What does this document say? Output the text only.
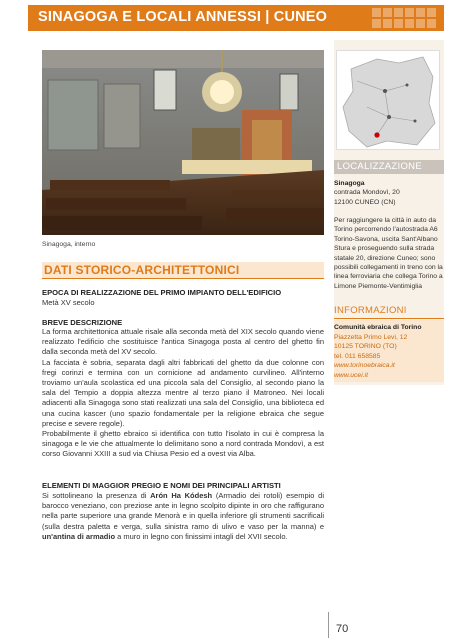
SINAGOGA E LOCALI ANNESSI | CUNEO
Sinagoga, interno
DATI STORICO-ARCHITETTONICI
EPOCA DI REALIZZAZIONE DEL PRIMO IMPIANTO DELL'EDIFICIO
Metà XV secolo
BREVE DESCRIZIONE

La forma architettonica attuale risale alla seconda metà del XIX secolo quando viene realizzato l'edificio che sostituisce l'antica Sinagoga posta al centro del ghetto fin dalla seconda metà del XV secolo.

La facciata è sobria, separata dagli altri fabbricati del ghetto da due colonne con fregi corinzi e termina con un cornicione ad andamento curvilineo. All'interno troviamo un'aula scolastica ed una piccola sala del Consiglio, al secondo piano la sala del Tempio a doppia altezza mentre al terzo piano il Matroneo. Nei locali adiacenti alla Sinagoga sono stati realizzati una sala del Consiglio, una biblioteca ed una cucina kascer (uno spazio fondamentale per la religione ebraica che segue precise e severe regole).

Probabilmente il ghetto ebraico si identifica con tutto l'isolato in cui è compresa la sinagoga e le vie che attualmente lo delimitano sono a nord contrada Mondovì, a est corso Giovanni XXIII a sud via Chiusa Pesio ed a ovest via Alba.

ELEMENTI DI MAGGIOR PREGIO E NOMI DEI PRINCIPALI ARTISTI
Si sottolineano la presenza di Arón Ha Kódesh (Armadio dei rotoli) esempio di barocco veneziano, con preziose ante in legno scolpito dipinte in oro che raffigurano nella parte superiore una grande Menorà e in quella inferiore gli strumenti sacrificali (sulla destra paletta e verga, sulla sinistra ramo di ulivo e vaso per la manna) e un'antina di armadio a muro in legno con finissimi intagli del XVII secolo.
LOCALIZZAZIONE
Sinagoga
contrada Mondovì, 20
12100 CUNEO (CN)
Per raggiungere la città in auto da Torino percorrendo l'autostrada A6 Torino-Savona, uscita Sant'Albano Stura e proseguendo sulla strada statale 20, direzione Cuneo; sono possibili collegamenti in treno con la linea ferroviaria che collega Torino a Limone Piemonte-Ventimiglia
INFORMAZIONI
Comunità ebraica di Torino
Piazzetta Primo Levi, 12
10125 TORINO (TO)
tel. 011 658585
www.torinoebraica.it
www.ucei.it
70
